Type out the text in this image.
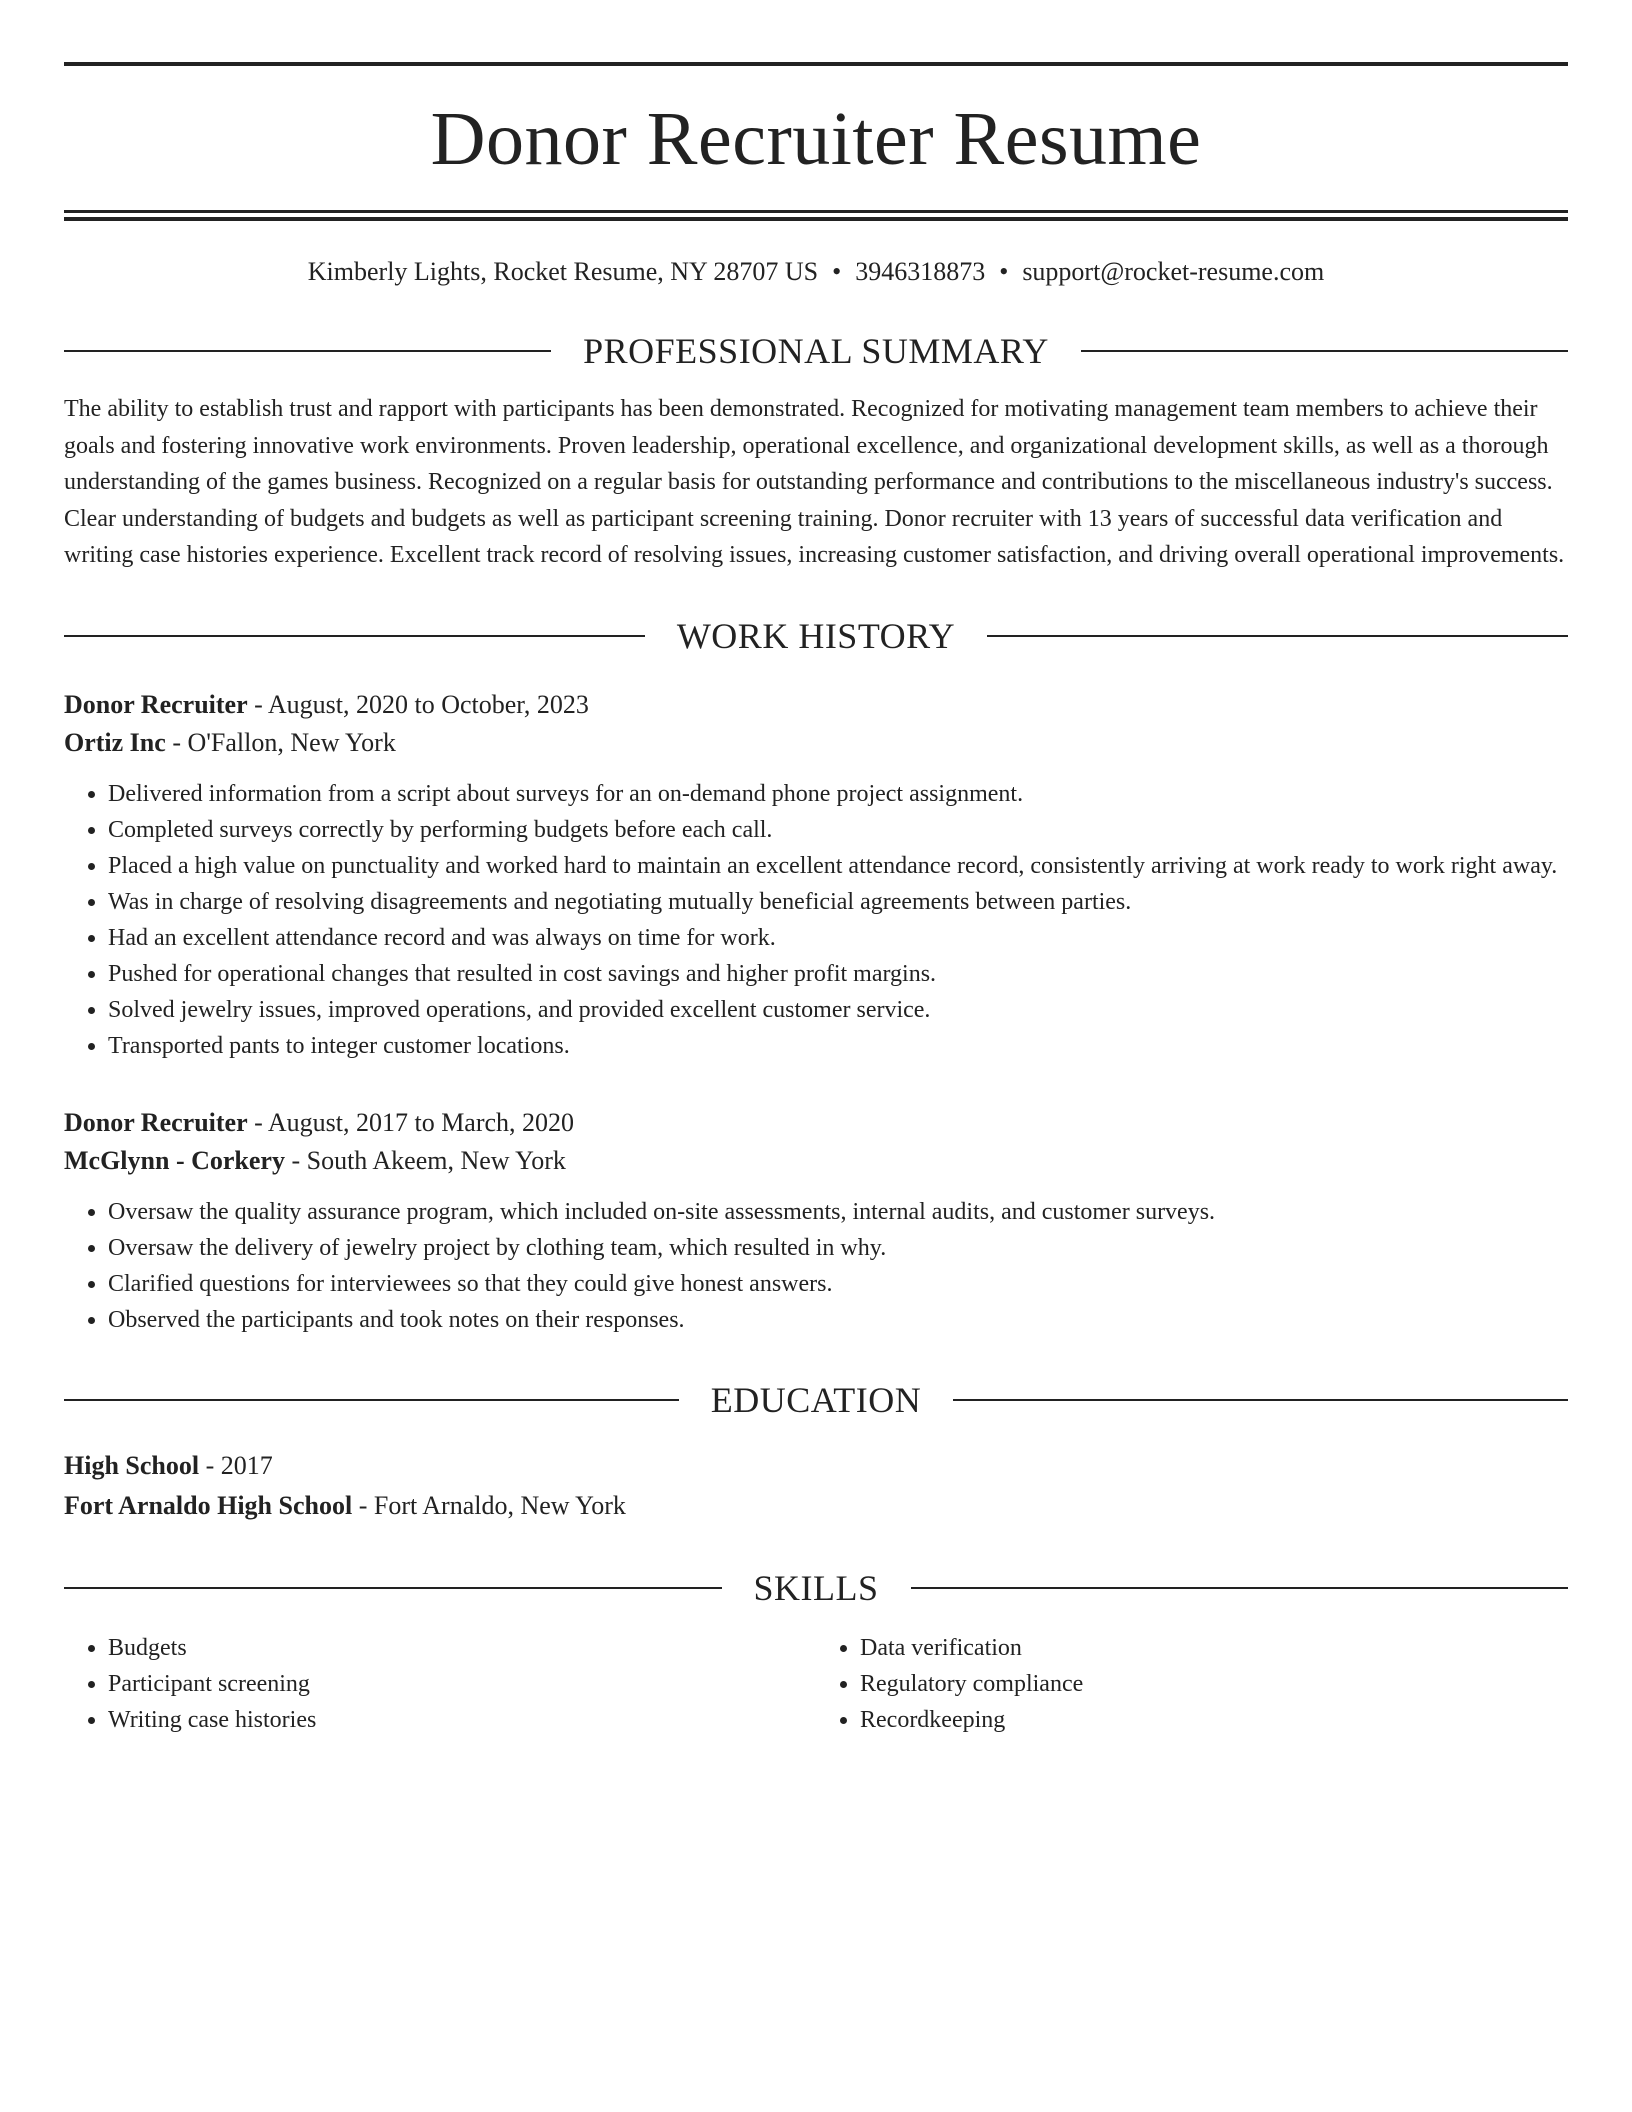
Donor Recruiter Resume
Kimberly Lights, Rocket Resume, NY 28707 US • 3946318873 • support@rocket-resume.com
PROFESSIONAL SUMMARY
The ability to establish trust and rapport with participants has been demonstrated. Recognized for motivating management team members to achieve their goals and fostering innovative work environments. Proven leadership, operational excellence, and organizational development skills, as well as a thorough understanding of the games business. Recognized on a regular basis for outstanding performance and contributions to the miscellaneous industry's success. Clear understanding of budgets and budgets as well as participant screening training. Donor recruiter with 13 years of successful data verification and writing case histories experience. Excellent track record of resolving issues, increasing customer satisfaction, and driving overall operational improvements.
WORK HISTORY
Donor Recruiter - August, 2020 to October, 2023
Ortiz Inc - O'Fallon, New York
• Delivered information from a script about surveys for an on-demand phone project assignment.
• Completed surveys correctly by performing budgets before each call.
• Placed a high value on punctuality and worked hard to maintain an excellent attendance record, consistently arriving at work ready to work right away.
• Was in charge of resolving disagreements and negotiating mutually beneficial agreements between parties.
• Had an excellent attendance record and was always on time for work.
• Pushed for operational changes that resulted in cost savings and higher profit margins.
• Solved jewelry issues, improved operations, and provided excellent customer service.
• Transported pants to integer customer locations.
Donor Recruiter - August, 2017 to March, 2020
McGlynn - Corkery - South Akeem, New York
• Oversaw the quality assurance program, which included on-site assessments, internal audits, and customer surveys.
• Oversaw the delivery of jewelry project by clothing team, which resulted in why.
• Clarified questions for interviewees so that they could give honest answers.
• Observed the participants and took notes on their responses.
EDUCATION
High School - 2017
Fort Arnaldo High School - Fort Arnaldo, New York
SKILLS
• Budgets
• Participant screening
• Writing case histories
• Data verification
• Regulatory compliance
• Recordkeeping
